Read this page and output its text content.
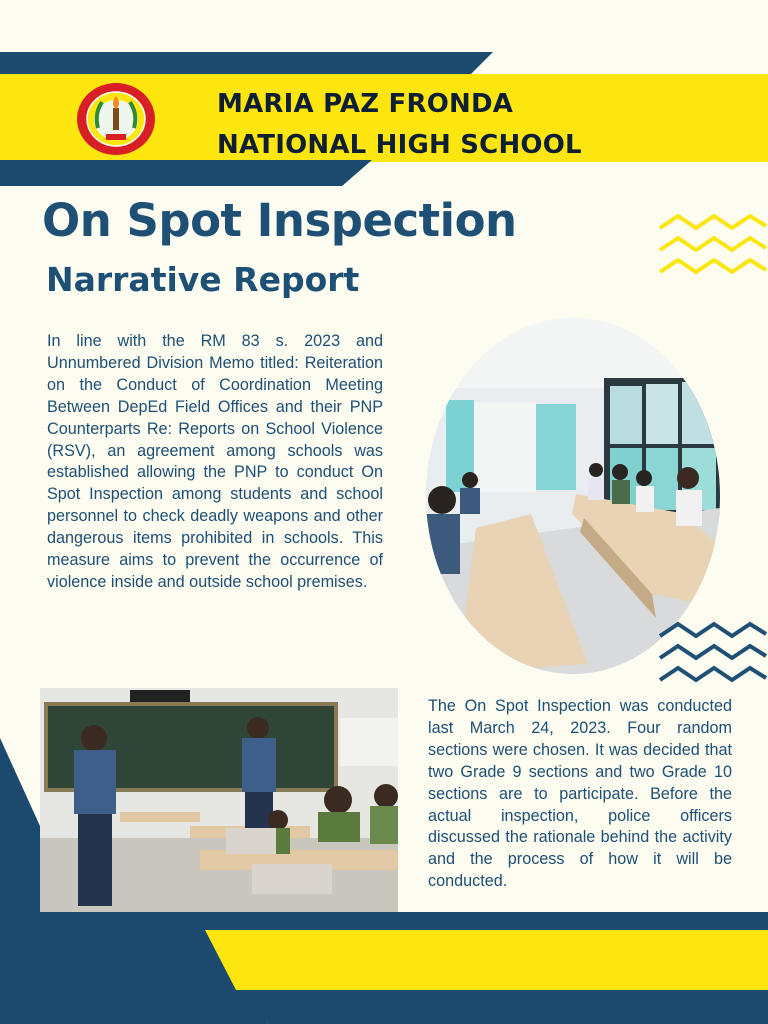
MARIA PAZ FRONDA
NATIONAL HIGH SCHOOL
On Spot Inspection
Narrative Report
In line with the RM 83 s. 2023 and Unnumbered Division Memo titled: Reiteration on the Conduct of Coordination Meeting Between DepEd Field Offices and their PNP Counterparts Re: Reports on School Violence (RSV), an agreement among schools was established allowing the PNP to conduct On Spot Inspection among students and school personnel to check deadly weapons and other dangerous items prohibited in schools. This measure aims to prevent the occurrence of violence inside and outside school premises.
The On Spot Inspection was conducted last March 24, 2023. Four random sections were chosen. It was decided that two Grade 9 sections and two Grade 10 sections are to participate. Before the actual inspection, police officers discussed the rationale behind the activity and the process of how it will be conducted.
